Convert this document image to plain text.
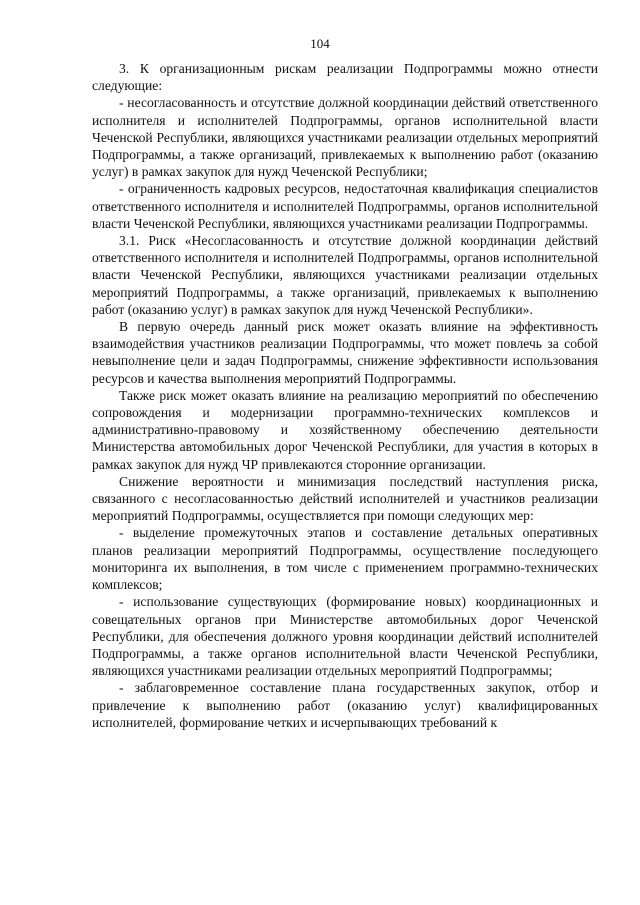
104

3. К организационным рискам реализации Подпрограммы можно отнести следующие:

- несогласованность и отсутствие должной координации действий ответственного исполнителя и исполнителей Подпрограммы, органов исполнительной власти Чеченской Республики, являющихся участниками реализации отдельных мероприятий Подпрограммы, а также организаций, привлекаемых к выполнению работ (оказанию услуг) в рамках закупок для нужд Чеченской Республики;

- ограниченность кадровых ресурсов, недостаточная квалификация специалистов ответственного исполнителя и исполнителей Подпрограммы, органов исполнительной власти Чеченской Республики, являющихся участниками реализации Подпрограммы.

3.1. Риск «Несогласованность и отсутствие должной координации действий ответственного исполнителя и исполнителей Подпрограммы, органов исполнительной власти Чеченской Республики, являющихся участниками реализации отдельных мероприятий Подпрограммы, а также организаций, привлекаемых к выполнению работ (оказанию услуг) в рамках закупок для нужд Чеченской Республики».

В первую очередь данный риск может оказать влияние на эффективность взаимодействия участников реализации Подпрограммы, что может повлечь за собой невыполнение цели и задач Подпрограммы, снижение эффективности использования ресурсов и качества выполнения мероприятий Подпрограммы.

Также риск может оказать влияние на реализацию мероприятий по обеспечению сопровождения и модернизации программно-технических комплексов и административно-правовому и хозяйственному обеспечению деятельности Министерства автомобильных дорог Чеченской Республики, для участия в которых в рамках закупок для нужд ЧР привлекаются сторонние организации.

Снижение вероятности и минимизация последствий наступления риска, связанного с несогласованностью действий исполнителей и участников реализации мероприятий Подпрограммы, осуществляется при помощи следующих мер:

- выделение промежуточных этапов и составление детальных оперативных планов реализации мероприятий Подпрограммы, осуществление последующего мониторинга их выполнения, в том числе с применением программно-технических комплексов;

- использование существующих (формирование новых) координационных и совещательных органов при Министерстве автомобильных дорог Чеченской Республики, для обеспечения должного уровня координации действий исполнителей Подпрограммы, а также органов исполнительной власти Чеченской Республики, являющихся участниками реализации отдельных мероприятий Подпрограммы;

- заблаговременное составление плана государственных закупок, отбор и привлечение к выполнению работ (оказанию услуг) квалифицированных исполнителей, формирование четких и исчерпывающих требований к
